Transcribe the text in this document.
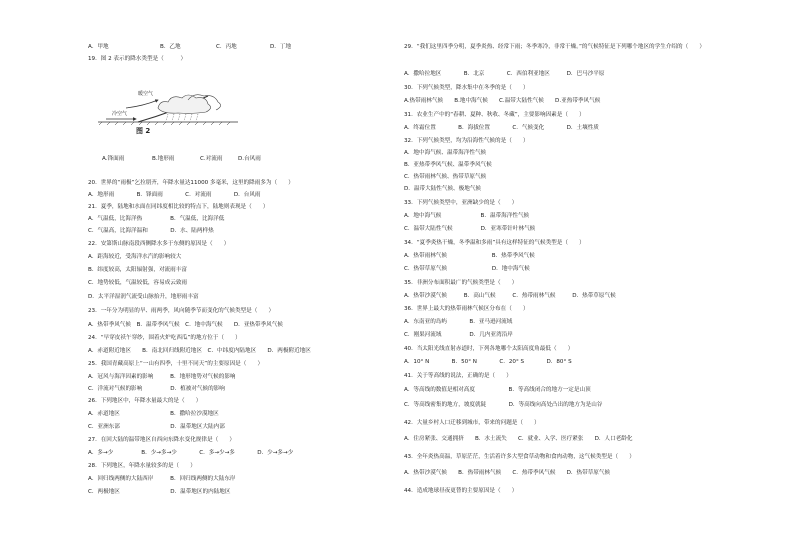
A．甲地	B．乙地	C．丙地	D．丁地
19．图 2 表示的降水类型是（　　　）
暖空气
冷空气
图 2
A.锋面雨	B.地形雨	C.对流雨	D.台风雨
20．世界的“雨极”乞拉朋齐，年降水量达11000 多毫米，这里的降雨多为（　　）
A．地形雨　　　　B．锋面雨　　　　C．对流雨　　　　D．台风雨
21．夏季，陆地和水面在同纬度相比较的特点下，陆地则表现是（　　）
A．气温低，比海洋热　　　　　B．气温低，比海洋低
C．气温高，比海洋温和　　　　D．水、陆两样热
22．安第斯山脉南段西侧降水多于东侧的原因是（　　）
A．距海较近，受海洋水汽的影响较大
B．纬度较高，太阳辐射强，对流雨丰富
C．地势较低，气温较低，容易成云致雨
D．太平洋湿润气流受山脉抬升，地形雨丰富
23．一年分为明显的旱、雨两季，风向随季节而变化的气候类型是（　　）
A．热带季风气候　B．温带季风气候　C．地中海气候　　D．亚热带季风气候
24．“早穿皮袄午穿纱，围着火炉吃西瓜”的地方位于（　　）
A．赤道附近地区　　B．南北回归线附近地区　C．中纬度内陆地区　　D．两极附近地区
25．我国青藏高原上“一山有四季，十里不同天”的主要原因是（　　）
A．冠风与海洋因素的影响　　　B．地形地势对气候的影响
C．洋流对气候的影响　　　　　D．植被对气候的影响
26．下列地区中，年降水量最大的是（　　）
A．赤道地区　　　　　　　　　B．撒哈拉沙漠地区
C．亚洲东部　　　　　　　　　D．温带地区大陆内部
27．在回大陆的温带地区自西向东降水变化规律是（　　）
A．多→少　　　　　B．少→多→少　　　　C．多→少→多　　　　D．少→多→少
28．下列地区，年降水量较多的是（　　）
A．回归线两侧的大陆西岸　　　B．回归线两侧的大陆东岸
C．两极地区　　　　　　　　　D．温带地区的内陆地区
29．“我们这里四季分明，夏季炎热、经常下雨；冬季寒冷，非常干燥。”的气候特征是下列哪个地区的学生介绍的（　　）
A．撒哈拉地区　　　　B．北京　　　　C．西伯利亚地区　　　D．巴马沙平原
30．下列气候类型，降水集中在冬季的是（　　）
A.热带雨林气候　　B.地中海气候　　C.温带大陆性气候　　D.亚热带季风气候
31．农业生产中的“春耕、夏种、秋收、冬藏”，主要影响因素是（　　）
A．终霜位置　　　　B．海拔位置　　　　C．气候变化　　　　D．土壤性质
32．下列气候类型，均为沿海性气候的是（　　）
A．地中海气候、温带海洋性气候
B．亚热带季风气候、温带季风气候
C．热带雨林气候、热带草原气候
D．温带大陆性气候、极地气候
33．下列气候类型中，亚洲缺少的是（　　）
A．地中海气候　　　　　　　B．温带海洋性气候
C．温带大陆性气候　　　　　D．亚寒带针叶林气候
34．“夏季炎热干燥，冬季温和多雨”具有这样特征的气候类型是（　　）
A．热带雨林气候　　　　　　　　B．热带季风气候
C．热带草原气候　　　　　　　　D．地中海气候
35．非洲分布面积最广的气候类型是（　　）
A．热带沙漠气候　　　B．高山气候　　　C．热带雨林气候　　　D．热带草原气候
36．世界上最大的热带雨林气候区分布在（　　）
A．东南亚的岛屿　　　　B．亚马逊河流域
C．刚果河流域　　　　　D．几内亚湾沿岸
40．当太阳光线直射赤道时，下列各地哪个太阳高度角最低（　　）
A．10° N　　　　B．50° N　　　　C．20° S　　　　D．80° S
41．关于等高线的说法，正确的是（　　）
A．等高线的数值是相对高度　　　　　　B．等高线闭合的地方一定是山顶
C．等高线密集的地方，坡度就陡　　　　D．等高线向高处凸出的地方为是山谷
42．大量乡村人口迁移到城市，带来的问题是（　　）
A．住房紧张、交通拥挤　　B．水土流失　　C．就业、入学、医疗紧张　　D．人口老龄化
43．全年炎热高温，草原茫茫，生活着许多大型食草动物和食肉动物，这气候类型是（　　）
A．热带沙漠气候　　B．热带雨林气候　　C．热带季风气候　　D．热带草原气候
44．造成地球昼夜更替的主要原因是（　　）
